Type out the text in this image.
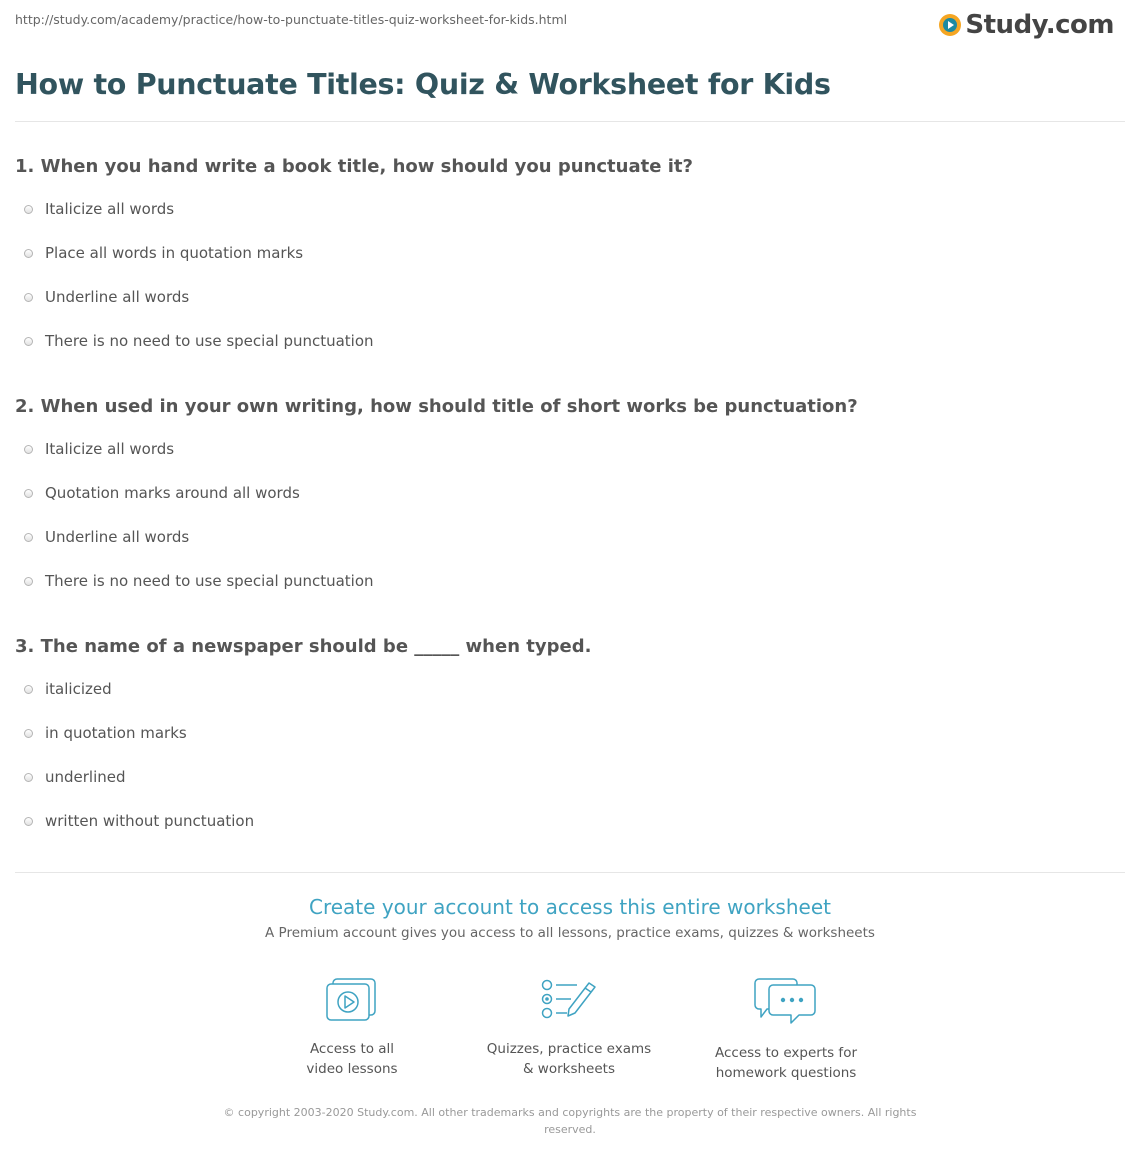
http://study.com/academy/practice/how-to-punctuate-titles-quiz-worksheet-for-kids.html	Study.com
How to Punctuate Titles: Quiz & Worksheet for Kids
1. When you hand write a book title, how should you punctuate it?
Italicize all words
Place all words in quotation marks
Underline all words
There is no need to use special punctuation
2. When used in your own writing, how should title of short works be punctuation?
Italicize all words
Quotation marks around all words
Underline all words
There is no need to use special punctuation
3. The name of a newspaper should be _____ when typed.
italicized
in quotation marks
underlined
written without punctuation
Create your account to access this entire worksheet
A Premium account gives you access to all lessons, practice exams, quizzes & worksheets
Access to all
video lessons
Quizzes, practice exams
& worksheets
Access to experts for
homework questions
© copyright 2003-2020 Study.com. All other trademarks and copyrights are the property of their respective owners. All rights reserved.
